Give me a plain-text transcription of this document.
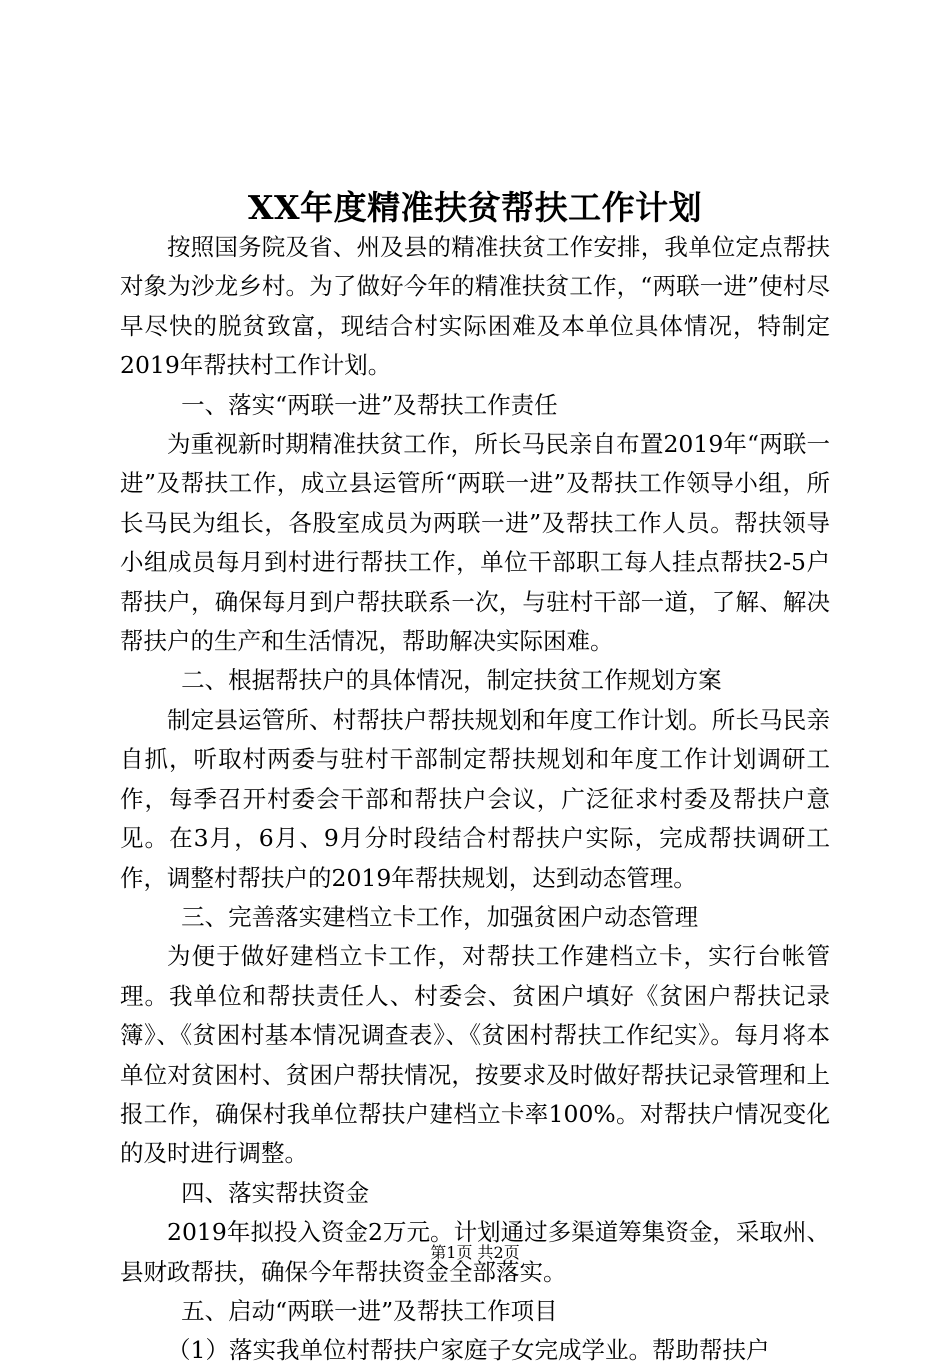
XX年度精准扶贫帮扶工作计划

按照国务院及省、州及县的精准扶贫工作安排，我单位定点帮扶对象为沙龙乡村。为了做好今年的精准扶贫工作，“两联一进”使村尽早尽快的脱贫致富，现结合村实际困难及本单位具体情况，特制定2019年帮扶村工作计划。

一、落实“两联一进”及帮扶工作责任

为重视新时期精准扶贫工作，所长马民亲自布置2019年“两联一进”及帮扶工作，成立县运管所“两联一进”及帮扶工作领导小组，所长马民为组长，各股室成员为两联一进”及帮扶工作人员。帮扶领导小组成员每月到村进行帮扶工作，单位干部职工每人挂点帮扶2-5户帮扶户，确保每月到户帮扶联系一次，与驻村干部一道，了解、解决帮扶户的生产和生活情况，帮助解决实际困难。

二、根据帮扶户的具体情况，制定扶贫工作规划方案

制定县运管所、村帮扶户帮扶规划和年度工作计划。所长马民亲自抓，听取村两委与驻村干部制定帮扶规划和年度工作计划调研工作，每季召开村委会干部和帮扶户会议，广泛征求村委及帮扶户意见。在3月，6月、9月分时段结合村帮扶户实际，完成帮扶调研工作，调整村帮扶户的2019年帮扶规划，达到动态管理。

三、完善落实建档立卡工作，加强贫困户动态管理

为便于做好建档立卡工作，对帮扶工作建档立卡，实行台帐管理。我单位和帮扶责任人、村委会、贫困户填好《贫困户帮扶记录簿》、《贫困村基本情况调查表》、《贫困村帮扶工作纪实》。每月将本单位对贫困村、贫困户帮扶情况，按要求及时做好帮扶记录管理和上报工作，确保村我单位帮扶户建档立卡率100%。对帮扶户情况变化的及时进行调整。

四、落实帮扶资金

2019年拟投入资金2万元。计划通过多渠道筹集资金，采取州、县财政帮扶，确保今年帮扶资金全部落实。

五、启动“两联一进”及帮扶工作项目

（1）落实我单位村帮扶户家庭子女完成学业。帮助帮扶户

第1页 共2页
